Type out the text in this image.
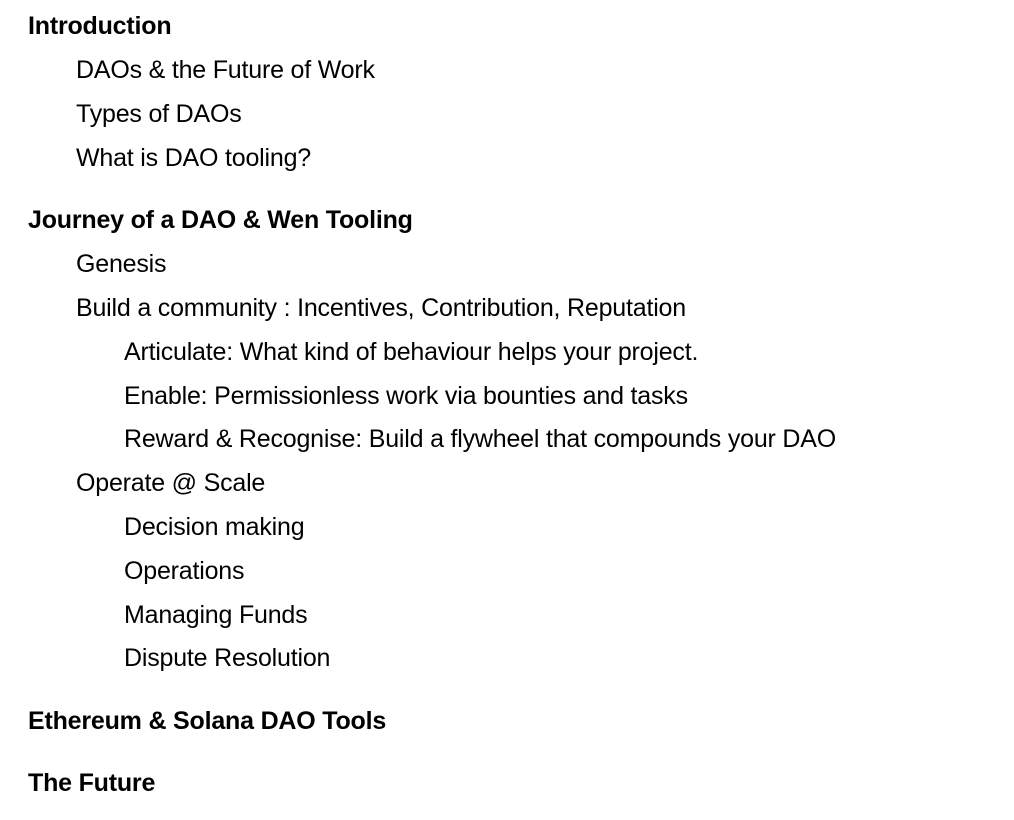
Introduction
DAOs & the Future of Work
Types of DAOs
What is DAO tooling?
Journey of a DAO & Wen Tooling
Genesis
Build a community : Incentives, Contribution, Reputation
Articulate: What kind of behaviour helps your project.
Enable: Permissionless work via bounties and tasks
Reward & Recognise: Build a flywheel that compounds your DAO
Operate @ Scale
Decision making
Operations
Managing Funds
Dispute Resolution
Ethereum & Solana DAO Tools
The Future
